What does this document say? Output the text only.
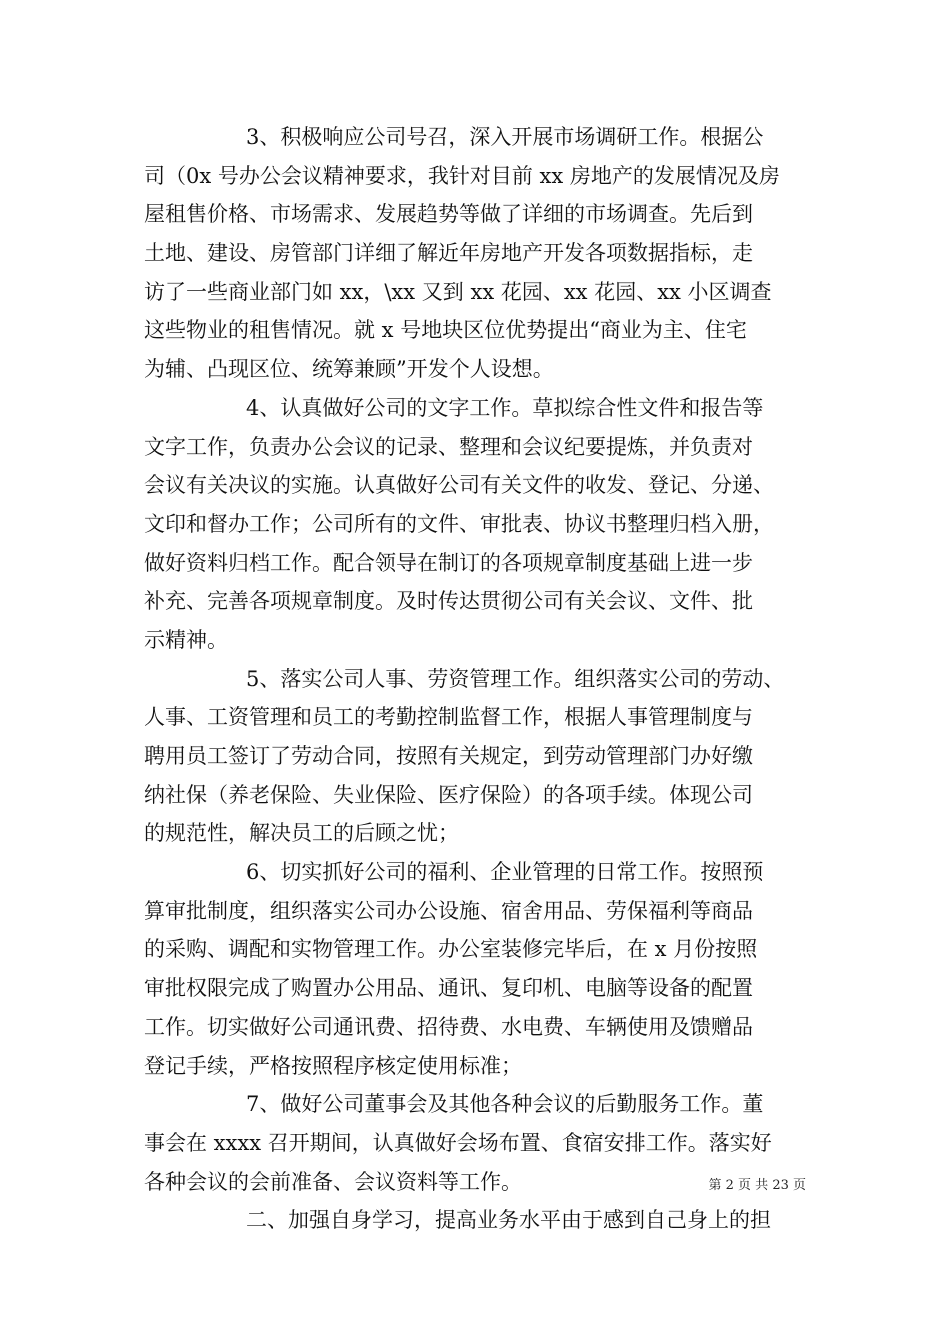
3、积极响应公司号召，深入开展市场调研工作。根据公
司（0x 号办公会议精神要求，我针对目前 xx 房地产的发展情况及房
屋租售价格、市场需求、发展趋势等做了详细的市场调查。先后到
土地、建设、房管部门详细了解近年房地产开发各项数据指标，走
访了一些商业部门如 xx，\xx 又到 xx 花园、xx 花园、xx 小区调查
这些物业的租售情况。就 x 号地块区位优势提出“商业为主、住宅
为辅、凸现区位、统筹兼顾”开发个人设想。
4、认真做好公司的文字工作。草拟综合性文件和报告等
文字工作，负责办公会议的记录、整理和会议纪要提炼，并负责对
会议有关决议的实施。认真做好公司有关文件的收发、登记、分递、
文印和督办工作；公司所有的文件、审批表、协议书整理归档入册，
做好资料归档工作。配合领导在制订的各项规章制度基础上进一步
补充、完善各项规章制度。及时传达贯彻公司有关会议、文件、批
示精神。
5、落实公司人事、劳资管理工作。组织落实公司的劳动、
人事、工资管理和员工的考勤控制监督工作，根据人事管理制度与
聘用员工签订了劳动合同，按照有关规定，到劳动管理部门办好缴
纳社保（养老保险、失业保险、医疗保险）的各项手续。体现公司
的规范性，解决员工的后顾之忧；
6、切实抓好公司的福利、企业管理的日常工作。按照预
算审批制度，组织落实公司办公设施、宿舍用品、劳保福利等商品
的采购、调配和实物管理工作。办公室装修完毕后，在 x 月份按照
审批权限完成了购置办公用品、通讯、复印机、电脑等设备的配置
工作。切实做好公司通讯费、招待费、水电费、车辆使用及馈赠品
登记手续，严格按照程序核定使用标准；
7、做好公司董事会及其他各种会议的后勤服务工作。董
事会在 xxxx 召开期间，认真做好会场布置、食宿安排工作。落实好
各种会议的会前准备、会议资料等工作。
二、加强自身学习，提高业务水平由于感到自己身上的担
第 2 页 共 23 页
